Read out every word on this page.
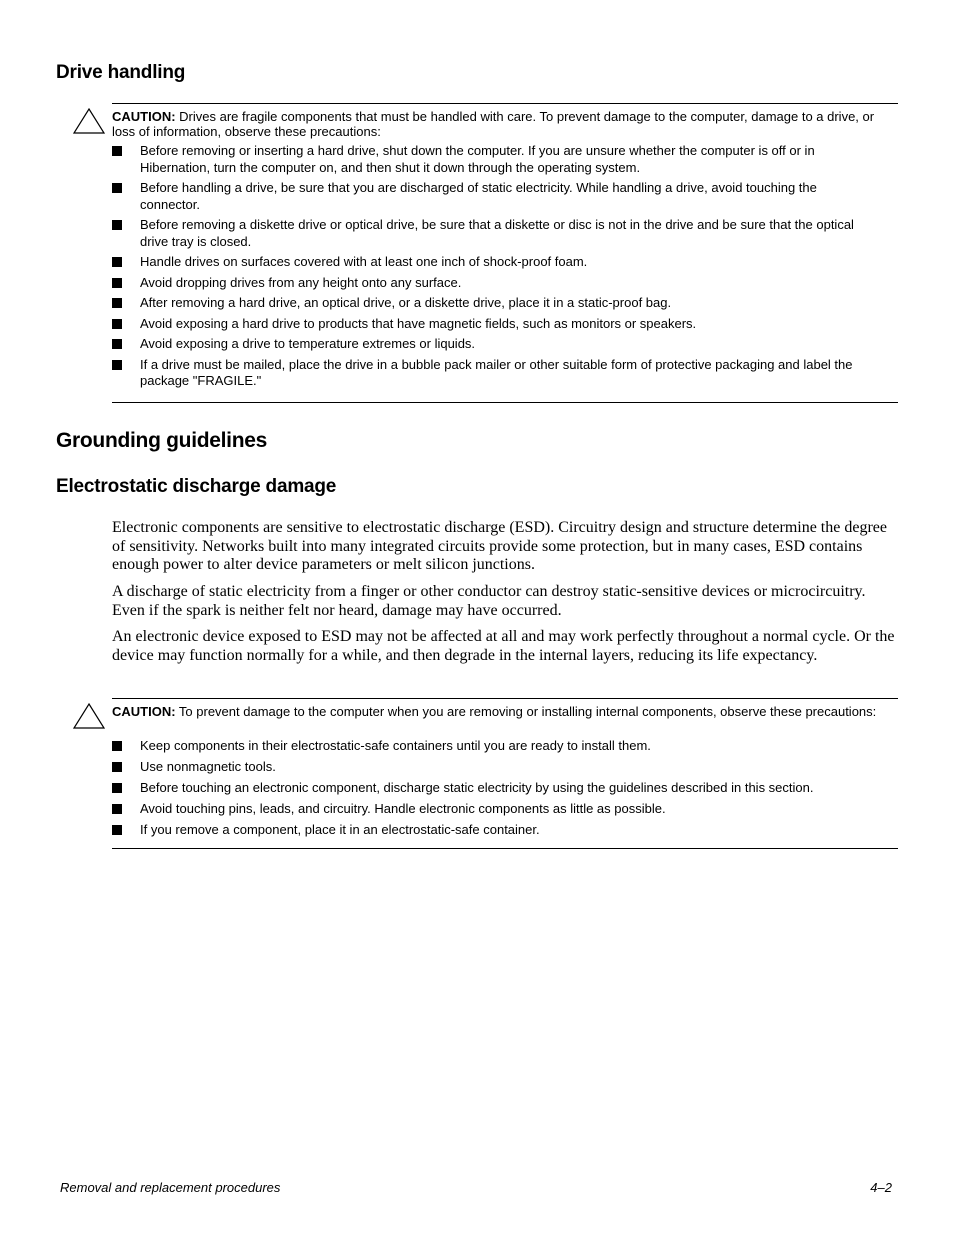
Drive handling
CAUTION: Drives are fragile components that must be handled with care. To prevent damage to the computer, damage to a drive, or loss of information, observe these precautions:
Before removing or inserting a hard drive, shut down the computer. If you are unsure whether the computer is off or in Hibernation, turn the computer on, and then shut it down through the operating system.
Before handling a drive, be sure that you are discharged of static electricity. While handling a drive, avoid touching the connector.
Before removing a diskette drive or optical drive, be sure that a diskette or disc is not in the drive and be sure that the optical drive tray is closed.
Handle drives on surfaces covered with at least one inch of shock-proof foam.
Avoid dropping drives from any height onto any surface.
After removing a hard drive, an optical drive, or a diskette drive, place it in a static-proof bag.
Avoid exposing a hard drive to products that have magnetic fields, such as monitors or speakers.
Avoid exposing a drive to temperature extremes or liquids.
If a drive must be mailed, place the drive in a bubble pack mailer or other suitable form of protective packaging and label the package "FRAGILE."
Grounding guidelines
Electrostatic discharge damage

Electronic components are sensitive to electrostatic discharge (ESD). Circuitry design and structure determine the degree of sensitivity. Networks built into many integrated circuits provide some protection, but in many cases, ESD contains enough power to alter device parameters or melt silicon junctions.

A discharge of static electricity from a finger or other conductor can destroy static-sensitive devices or microcircuitry. Even if the spark is neither felt nor heard, damage may have occurred.

An electronic device exposed to ESD may not be affected at all and may work perfectly throughout a normal cycle. Or the device may function normally for a while, and then degrade in the internal layers, reducing its life expectancy.

CAUTION: To prevent damage to the computer when you are removing or installing internal components, observe these precautions:
Keep components in their electrostatic-safe containers until you are ready to install them.
Use nonmagnetic tools.
Before touching an electronic component, discharge static electricity by using the guidelines described in this section.
Avoid touching pins, leads, and circuitry. Handle electronic components as little as possible.
If you remove a component, place it in an electrostatic-safe container.
Removal and replacement procedures	4–2
